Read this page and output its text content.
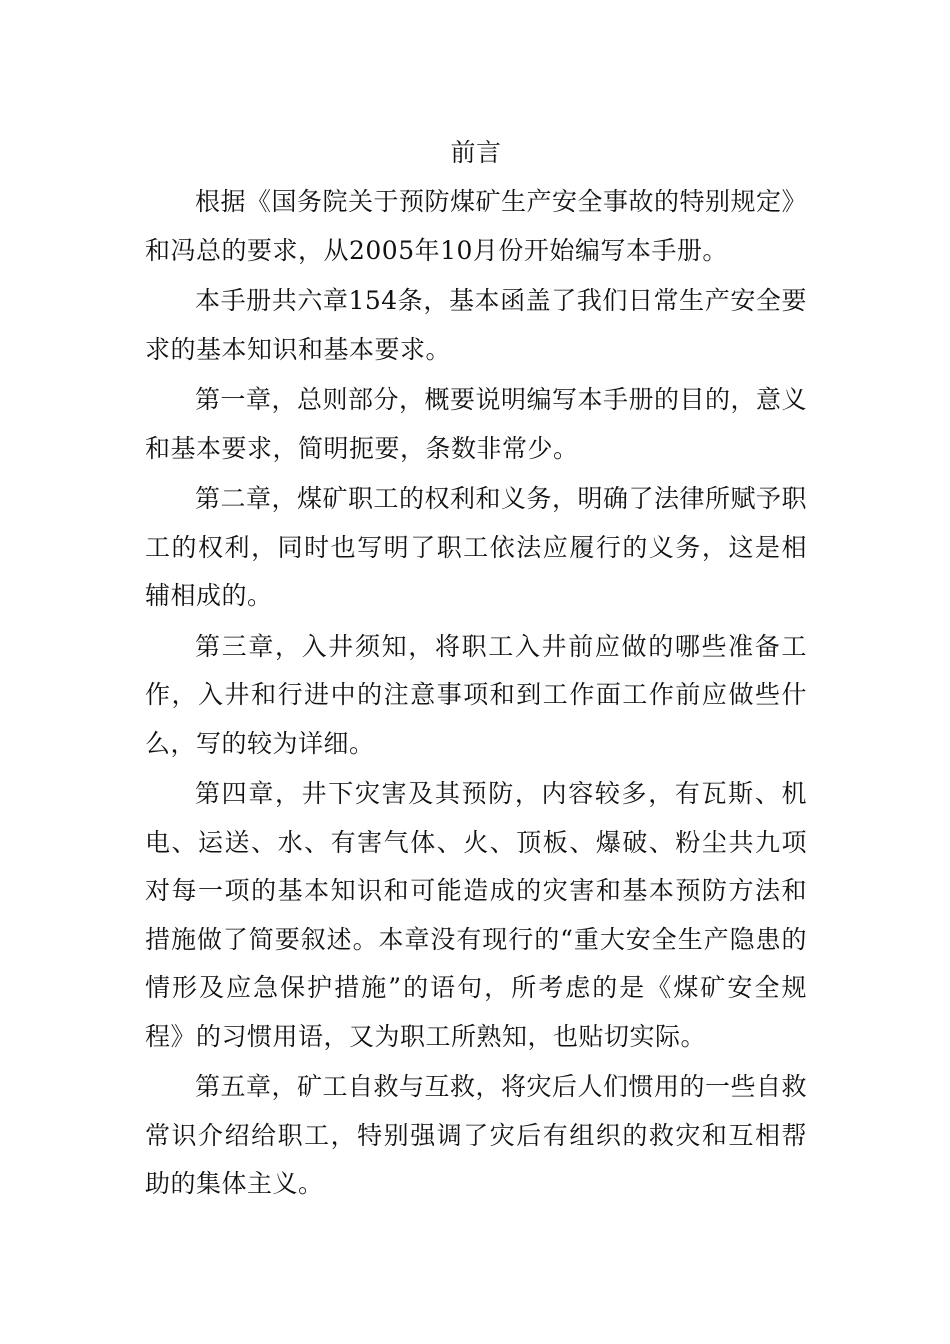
前言

根据《国务院关于预防煤矿生产安全事故的特别规定》和冯总的要求，从2005年10月份开始编写本手册。

本手册共六章154条，基本函盖了我们日常生产安全要求的基本知识和基本要求。

第一章，总则部分，概要说明编写本手册的目的，意义和基本要求，简明扼要，条数非常少。

第二章，煤矿职工的权利和义务，明确了法律所赋予职工的权利，同时也写明了职工依法应履行的义务，这是相辅相成的。

第三章，入井须知，将职工入井前应做的哪些准备工作，入井和行进中的注意事项和到工作面工作前应做些什么，写的较为详细。

第四章，井下灾害及其预防，内容较多，有瓦斯、机电、运送、水、有害气体、火、顶板、爆破、粉尘共九项对每一项的基本知识和可能造成的灾害和基本预防方法和措施做了简要叙述。本章没有现行的“重大安全生产隐患的情形及应急保护措施”的语句，所考虑的是《煤矿安全规程》的习惯用语，又为职工所熟知，也贴切实际。

第五章，矿工自救与互救，将灾后人们惯用的一些自救常识介绍给职工，特别强调了灾后有组织的救灾和互相帮助的集体主义。
